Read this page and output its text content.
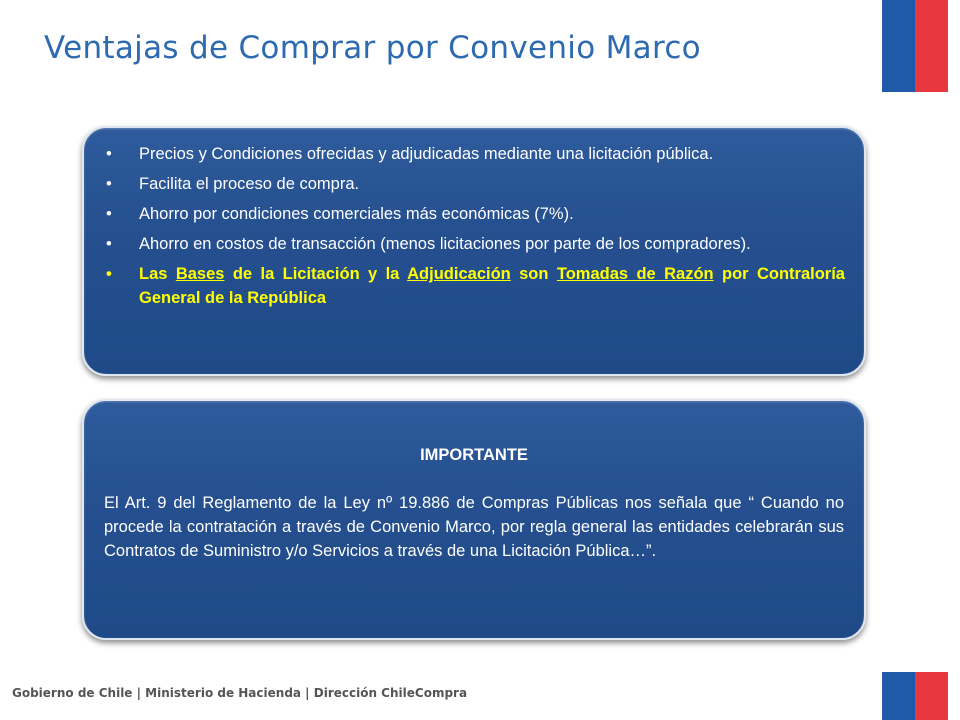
Ventajas de Comprar por Convenio Marco
• Precios y Condiciones ofrecidas y adjudicadas mediante una licitación pública.
• Facilita el proceso de compra.
• Ahorro por condiciones comerciales más económicas (7%).
• Ahorro en costos de transacción (menos licitaciones por parte de los compradores).
• Las Bases de la Licitación y la Adjudicación son Tomadas de Razón por Contraloría General de la República
IMPORTANTE
El Art. 9 del Reglamento de la Ley nº 19.886 de Compras Públicas nos señala que “ Cuando no procede la contratación a través de Convenio Marco, por regla general las entidades celebrarán sus Contratos de Suministro y/o Servicios a través de una Licitación Pública…”.
Gobierno de Chile | Ministerio de Hacienda | Dirección ChileCompra
